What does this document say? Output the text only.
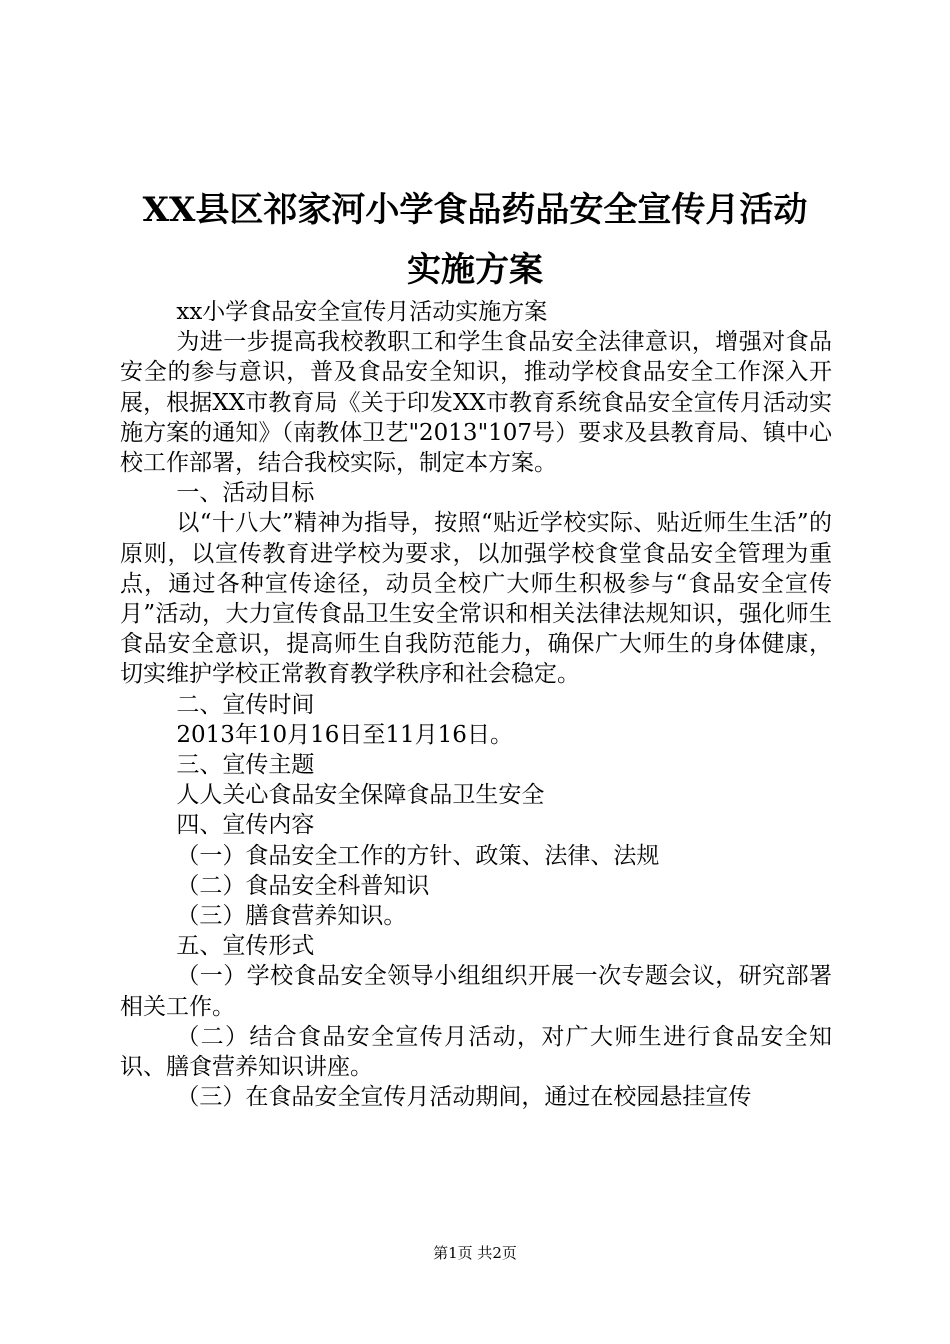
XX县区祁家河小学食品药品安全宣传月活动
实施方案

xx小学食品安全宣传月活动实施方案

为进一步提高我校教职工和学生食品安全法律意识，增强对食品安全的参与意识，普及食品安全知识，推动学校食品安全工作深入开展，根据XX市教育局《关于印发XX市教育系统食品安全宣传月活动实施方案的通知》（南教体卫艺"2013"107号）要求及县教育局、镇中心校工作部署，结合我校实际，制定本方案。

一、活动目标

以“十八大”精神为指导，按照“贴近学校实际、贴近师生生活”的原则，以宣传教育进学校为要求，以加强学校食堂食品安全管理为重点，通过各种宣传途径，动员全校广大师生积极参与“食品安全宣传月”活动，大力宣传食品卫生安全常识和相关法律法规知识，强化师生食品安全意识，提高师生自我防范能力，确保广大师生的身体健康，切实维护学校正常教育教学秩序和社会稳定。

二、宣传时间

2013年10月16日至11月16日。

三、宣传主题

人人关心食品安全保障食品卫生安全

四、宣传内容

（一）食品安全工作的方针、政策、法律、法规

（二）食品安全科普知识

（三）膳食营养知识。

五、宣传形式

（一）学校食品安全领导小组组织开展一次专题会议，研究部署相关工作。

（二）结合食品安全宣传月活动，对广大师生进行食品安全知识、膳食营养知识讲座。

（三）在食品安全宣传月活动期间，通过在校园悬挂宣传

第1页 共2页
